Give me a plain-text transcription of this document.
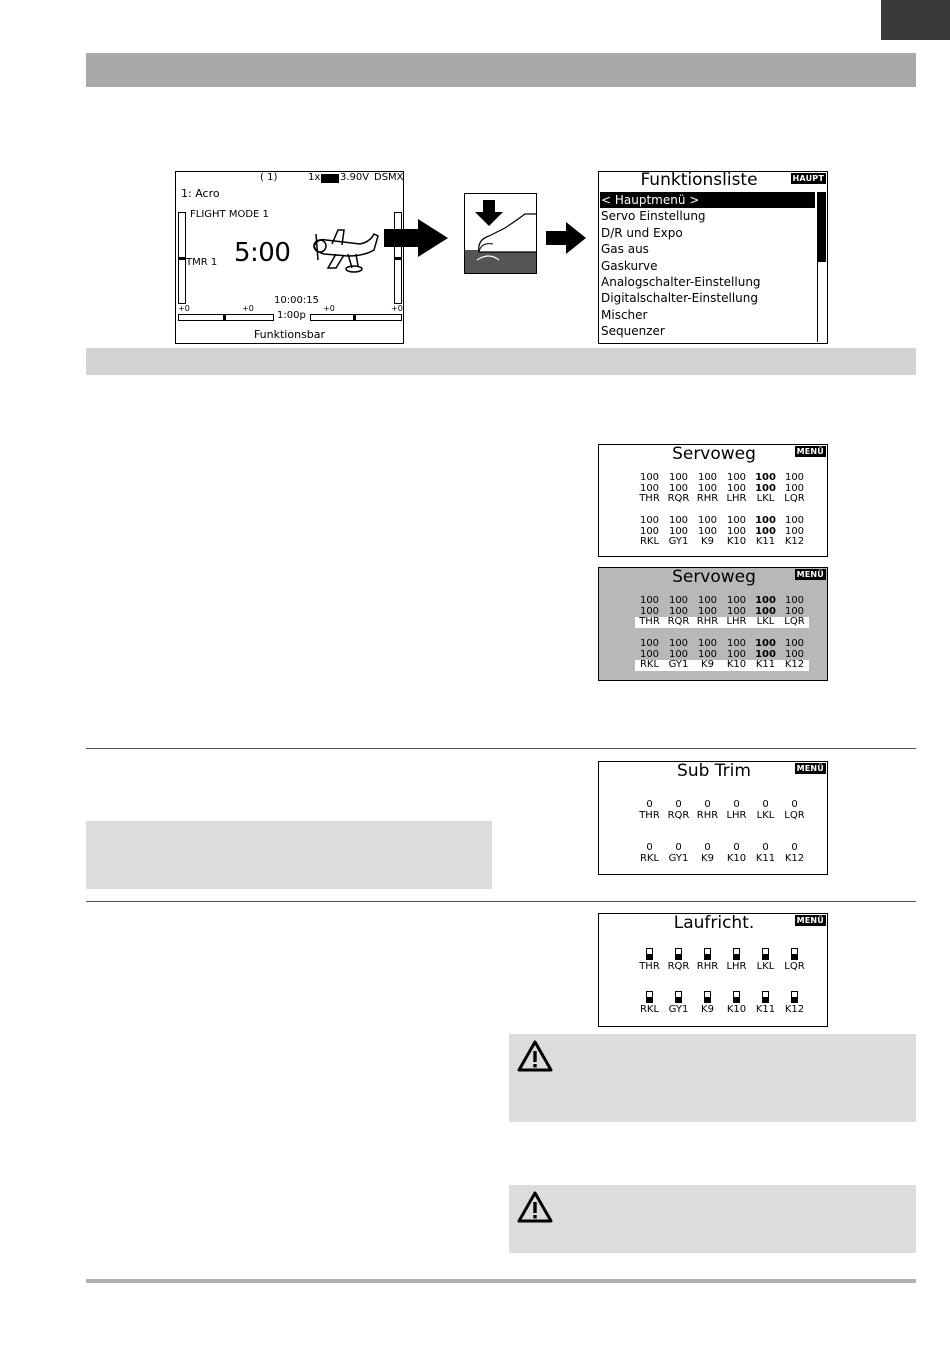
( 1)	1x 3.90V DSMX
1: Acro
FLIGHT MODE 1
TMR 1 5:00
10:00:15
+0	+0	+0	+0
1:00p
Funktionsbar
Funktionsliste	HAUPT
< Hauptmenü >
Servo Einstellung
D/R und Expo
Gas aus
Gaskurve
Analogschalter-Einstellung
Digitalschalter-Einstellung
Mischer
Sequenzer
Servoweg	MENÜ
100 100 100 100 100 100
100 100 100 100 100 100
THR RQR RHR LHR	LKL LQR
100 100 100 100 100 100
100 100 100 100 100 100
RKL GY1	K9	K10 K11 K12
Servoweg	MENÜ
100 100 100 100 100 100
100 100 100 100 100 100
THR RQR RHR LHR	LKL LQR
100 100 100 100 100 100
100 100 100 100 100 100
RKL GY1	K9	K10 K11 K12
Sub Trim	MENÜ
0	0	0	0	0	0
THR RQR RHR LHR	LKL LQR
0	0	0	0	0	0
RKL GY1	K9	K10 K11 K12
Laufricht.	MENÜ
THR RQR RHR LHR	LKL LQR
RKL GY1	K9	K10 K11 K12
